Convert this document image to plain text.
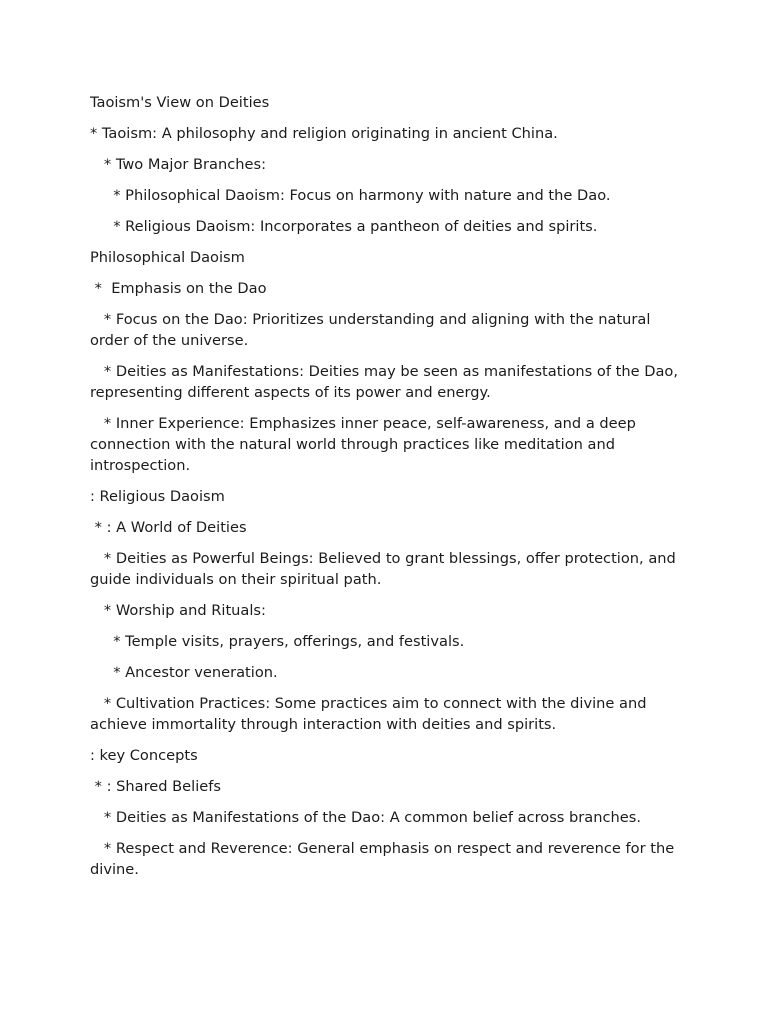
Taoism's View on Deities

* Taoism: A philosophy and religion originating in ancient China.

* Two Major Branches:

* Philosophical Daoism: Focus on harmony with nature and the Dao.

* Religious Daoism: Incorporates a pantheon of deities and spirits.

Philosophical Daoism

*  Emphasis on the Dao

* Focus on the Dao: Prioritizes understanding and aligning with the natural order of the universe.

* Deities as Manifestations: Deities may be seen as manifestations of the Dao, representing different aspects of its power and energy.

* Inner Experience: Emphasizes inner peace, self-awareness, and a deep connection with the natural world through practices like meditation and introspection.

: Religious Daoism

* : A World of Deities

* Deities as Powerful Beings: Believed to grant blessings, offer protection, and guide individuals on their spiritual path.

* Worship and Rituals:

* Temple visits, prayers, offerings, and festivals.

* Ancestor veneration.

* Cultivation Practices: Some practices aim to connect with the divine and achieve immortality through interaction with deities and spirits.

: key Concepts

* : Shared Beliefs

* Deities as Manifestations of the Dao: A common belief across branches.

* Respect and Reverence: General emphasis on respect and reverence for the divine.
